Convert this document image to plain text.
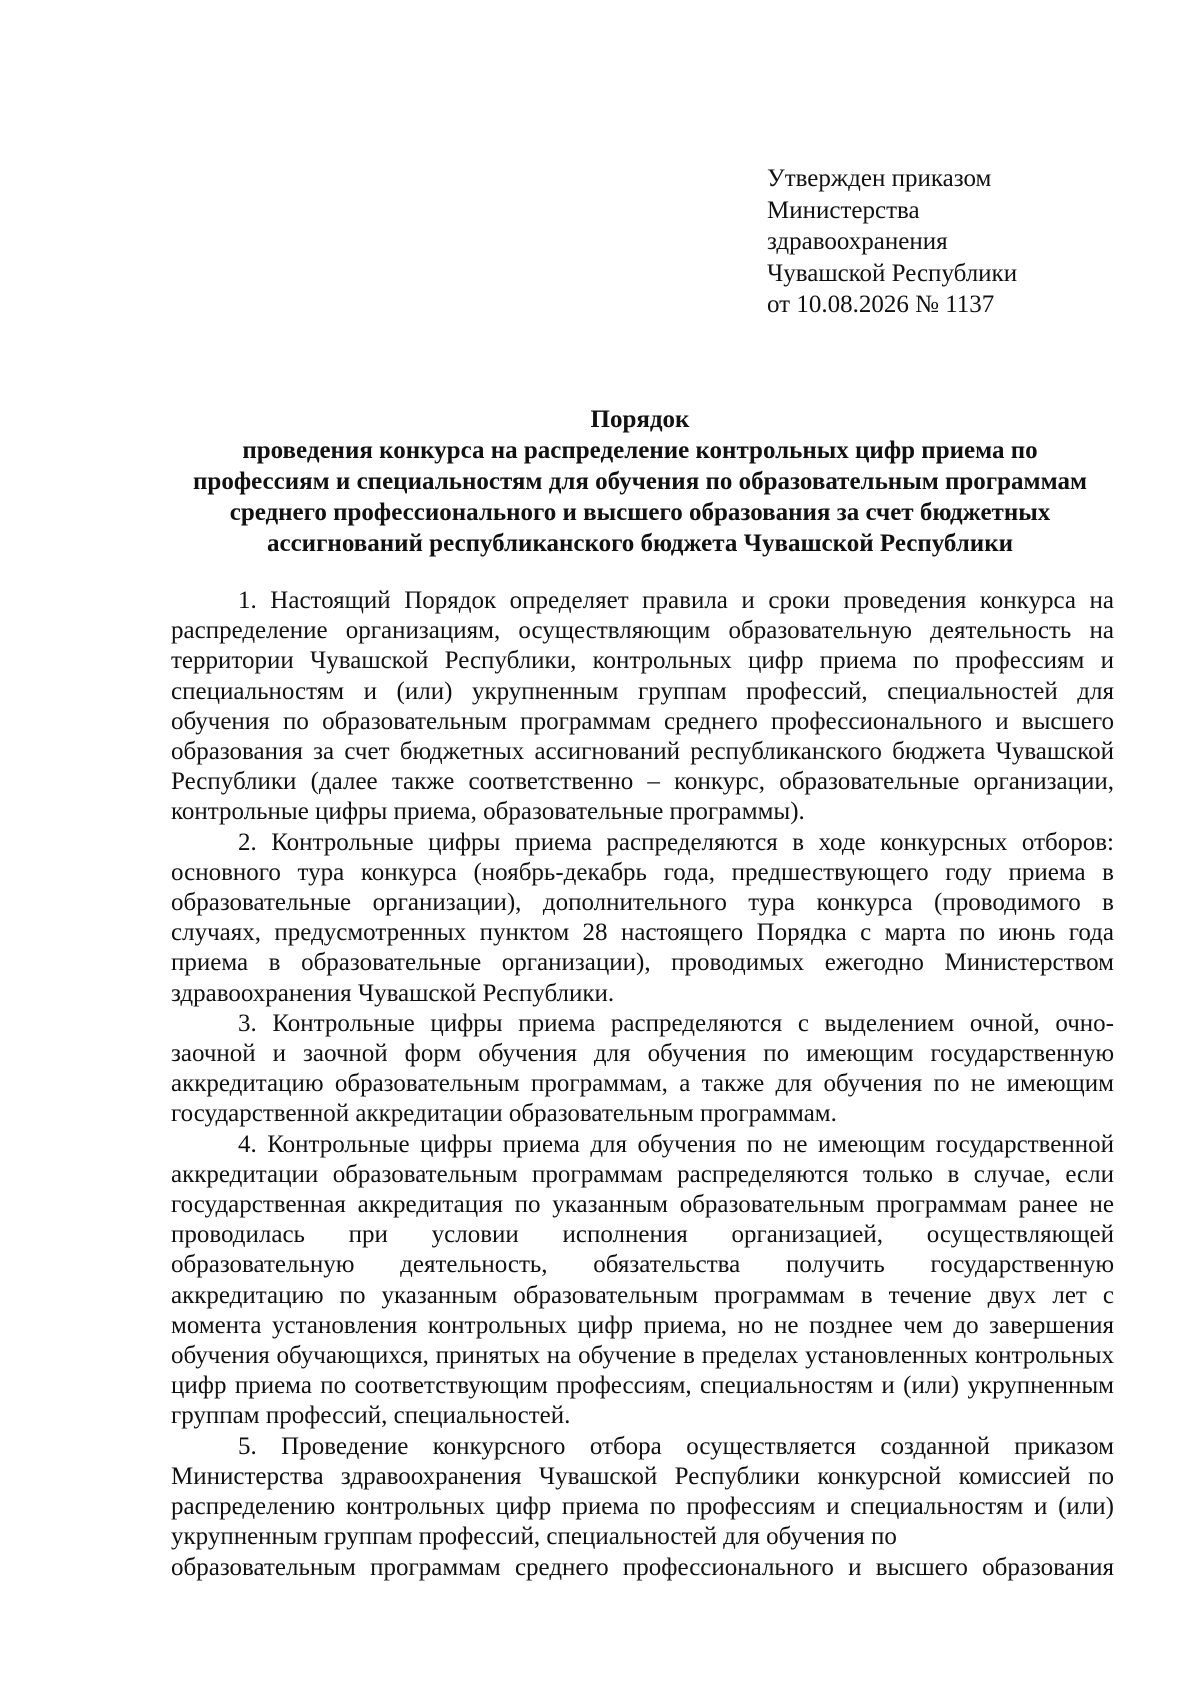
Утвержден приказом
Министерства
здравоохранения
Чувашской Республики
от 10.08.2026 № 1137
Порядок
проведения конкурса на распределение контрольных цифр приема по
профессиям и специальностям для обучения по образовательным программам
среднего профессионального и высшего образования за счет бюджетных
ассигнований республиканского бюджета Чувашской Республики

1. Настоящий Порядок определяет правила и сроки проведения конкурса на распределение организациям, осуществляющим образовательную деятельность на территории Чувашской Республики, контрольных цифр приема по профессиям и специальностям и (или) укрупненным группам профессий, специальностей для обучения по образовательным программам среднего профессионального и высшего образования за счет бюджетных ассигнований республиканского бюджета Чувашской Республики (далее также соответственно – конкурс, образовательные организации, контрольные цифры приема, образовательные программы).

2. Контрольные цифры приема распределяются в ходе конкурсных отборов: основного тура конкурса (ноябрь-декабрь года, предшествующего году приема в образовательные организации), дополнительного тура конкурса (проводимого в случаях, предусмотренных пунктом 28 настоящего Порядка с марта по июнь года приема в образовательные организации), проводимых ежегодно Министерством здравоохранения Чувашской Республики.

3. Контрольные цифры приема распределяются с выделением очной, очно-заочной и заочной форм обучения для обучения по имеющим государственную аккредитацию образовательным программам, а также для обучения по не имеющим государственной аккредитации образовательным программам.

4. Контрольные цифры приема для обучения по не имеющим государственной аккредитации образовательным программам распределяются только в случае, если государственная аккредитация по указанным образовательным программам ранее не проводилась при условии исполнения организацией, осуществляющей образовательную деятельность, обязательства получить государственную аккредитацию по указанным образовательным программам в течение двух лет с момента установления контрольных цифр приема, но не позднее чем до завершения обучения обучающихся, принятых на обучение в пределах установленных контрольных цифр приема по соответствующим профессиям, специальностям и (или) укрупненным группам профессий, специальностей.

5. Проведение конкурсного отбора осуществляется созданной приказом Министерства здравоохранения Чувашской Республики конкурсной комиссией по распределению контрольных цифр приема по профессиям и специальностям и (или) укрупненным группам профессий, специальностей для обучения по

образовательным программам среднего профессионального и высшего образования
